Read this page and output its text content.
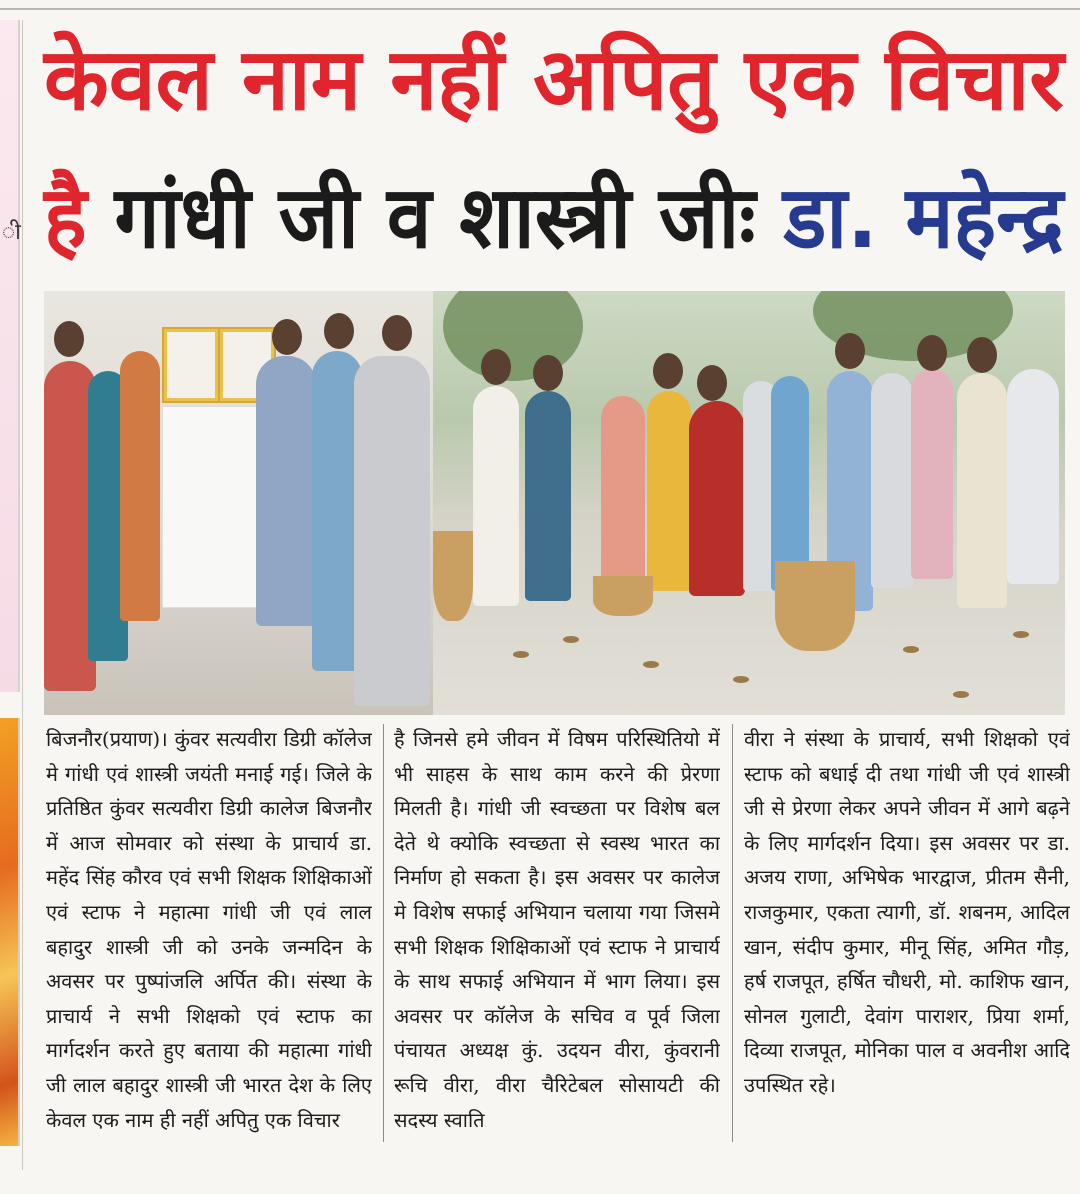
ी
केवल नाम नहीं अपितु एक विचार
है गांधी जी व शास्त्री जीः डा. महेन्द्र
बिजनौर(प्रयाण)। कुंवर सत्यवीरा डिग्री कॉलेज मे गांधी एवं शास्त्री जयंती मनाई गई। जिले के प्रतिष्ठित कुंवर सत्यवीरा डिग्री कालेज बिजनौर में आज सोमवार को संस्था के प्राचार्य डा. महेंद सिंह कौरव एवं सभी शिक्षक शिक्षिकाओं एवं स्टाफ ने महात्मा गांधी जी एवं लाल बहादुर शास्त्री जी को उनके जन्मदिन के अवसर पर पुष्पांजलि अर्पित की। संस्था के प्राचार्य ने सभी शिक्षको एवं स्टाफ का मार्गदर्शन करते हुए बताया की महात्मा गांधी जी लाल बहादुर शास्त्री जी भारत देश के लिए केवल एक नाम ही नहीं अपितु एक विचार
है जिनसे हमे जीवन में विषम परिस्थितियो में भी साहस के साथ काम करने की प्रेरणा मिलती है। गांधी जी स्वच्छता पर विशेष बल देते थे क्योकि स्वच्छता से स्वस्थ भारत का निर्माण हो सकता है। इस अवसर पर कालेज मे विशेष सफाई अभियान चलाया गया जिसमे सभी शिक्षक शिक्षिकाओं एवं स्टाफ ने प्राचार्य के साथ सफाई अभियान में भाग लिया। इस अवसर पर कॉलेज के सचिव व पूर्व जिला पंचायत अध्यक्ष कुं. उदयन वीरा, कुंवरानी रूचि वीरा, वीरा चैरिटेबल सोसायटी की सदस्य स्वाति
वीरा ने संस्था के प्राचार्य, सभी शिक्षको एवं स्टाफ को बधाई दी तथा गांधी जी एवं शास्त्री जी से प्रेरणा लेकर अपने जीवन में आगे बढ़ने के लिए मार्गदर्शन दिया। इस अवसर पर डा. अजय राणा, अभिषेक भारद्वाज, प्रीतम सैनी, राजकुमार, एकता त्यागी, डॉ. शबनम, आदिल खान, संदीप कुमार, मीनू सिंह, अमित गौड़, हर्ष राजपूत, हर्षित चौधरी, मो. काशिफ खान, सोनल गुलाटी, देवांग पाराशर, प्रिया शर्मा, दिव्या राजपूत, मोनिका पाल व अवनीश आदि उपस्थित रहे।
